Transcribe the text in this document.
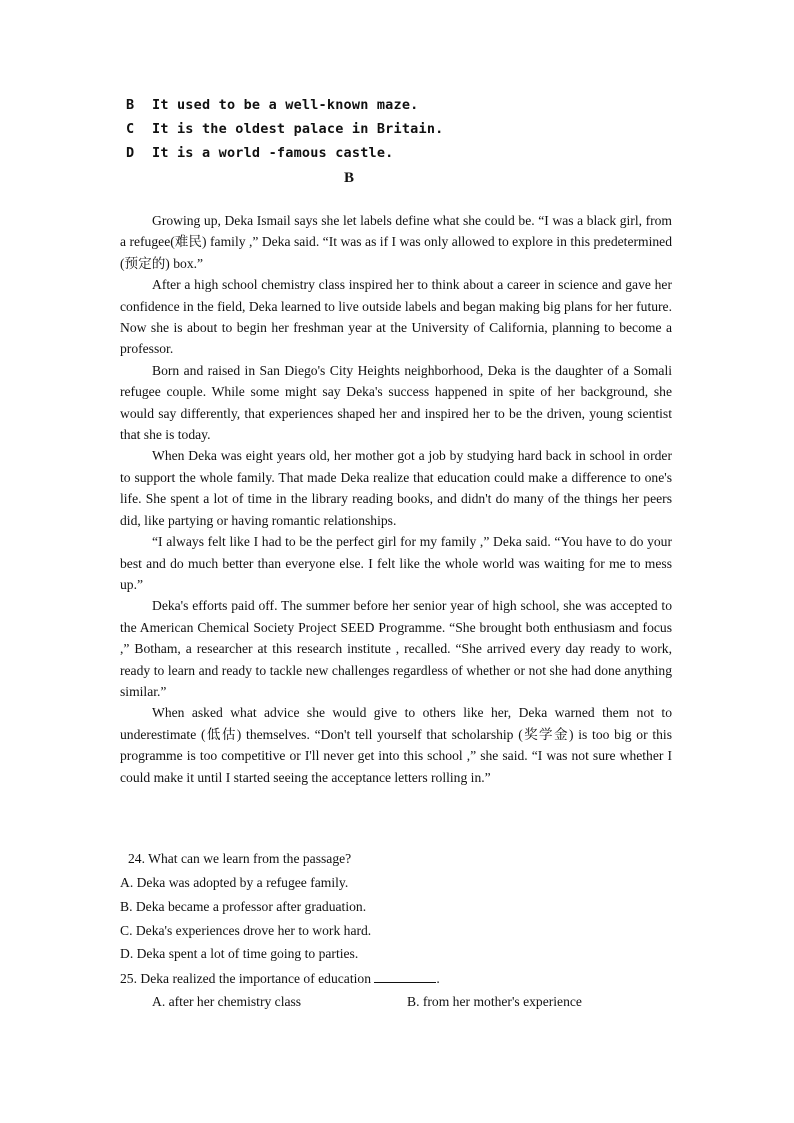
B It used to be a well-known maze.
C It is the oldest palace in Britain.
D It is a world -famous castle.
B

Growing up, Deka Ismail says she let labels define what she could be. “I was a black girl, from a refugee(难民) family ,” Deka said. “It was as if I was only allowed to explore in this predetermined (预定的) box.”

After a high school chemistry class inspired her to think about a career in science and gave her confidence in the field, Deka learned to live outside labels and began making big plans for her future. Now she is about to begin her freshman year at the University of California, planning to become a professor.

Born and raised in San Diego's City Heights neighborhood, Deka is the daughter of a Somali refugee couple. While some might say Deka's success happened in spite of her background, she would say differently, that experiences shaped her and inspired her to be the driven, young scientist that she is today.

When Deka was eight years old, her mother got a job by studying hard back in school in order to support the whole family. That made Deka realize that education could make a difference to one's life. She spent a lot of time in the library reading books, and didn't do many of the things her peers did, like partying or having romantic relationships.

“I always felt like I had to be the perfect girl for my family ,” Deka said. “You have to do your best and do much better than everyone else. I felt like the whole world was waiting for me to mess up.”

Deka's efforts paid off. The summer before her senior year of high school, she was accepted to the American Chemical Society Project SEED Programme. “She brought both enthusiasm and focus ,” Botham, a researcher at this research institute , recalled. “She arrived every day ready to work, ready to learn and ready to tackle new challenges regardless of whether or not she had done anything similar.”

When asked what advice she would give to others like her, Deka warned them not to underestimate (低估) themselves. “Don't tell yourself that scholarship (奖学金) is too big or this programme is too competitive or I'll never get into this school ,” she said. “I was not sure whether I could make it until I started seeing the acceptance letters rolling in.”

24. What can we learn from the passage?
A. Deka was adopted by a refugee family.
B. Deka became a professor after graduation.
C. Deka's experiences drove her to work hard.
D. Deka spent a lot of time going to parties.
25. Deka realized the importance of education	.
A. after her chemistry class	B. from her mother's experience
